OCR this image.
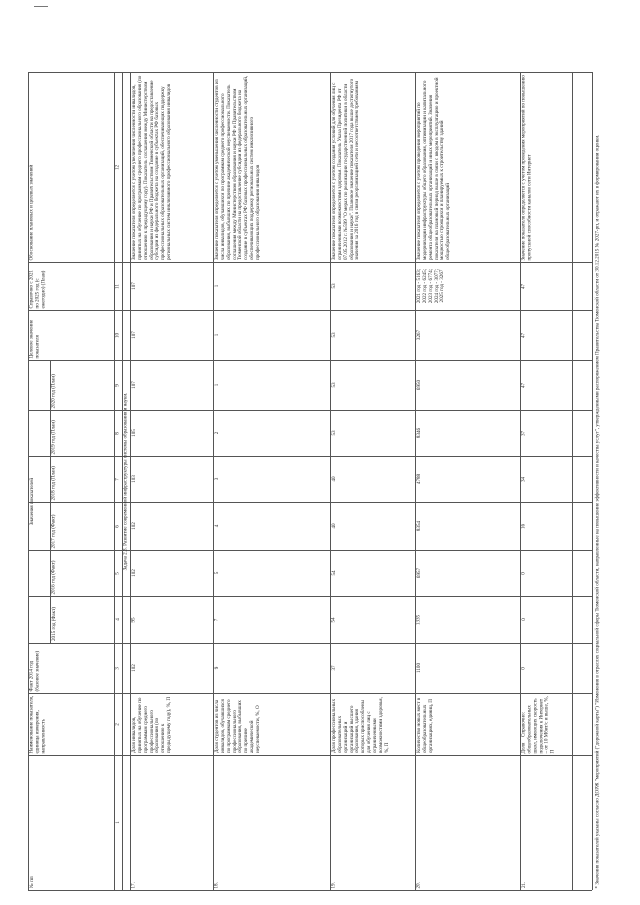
№ пп
Наименование показателя, единица измерения, направленность
Факт 2014 год (базовое значение)
2015 год (Факт)
2016 год (Факт)
2017 год (Факт)
2018 год (План)
2019 год (План)
2020 год (План)
Целевое значение показателя
Справочно с 2021 по 2025 год (с ежегодно) (План)
Обоснование плановых и целевых значений
Значения показателей
1
2
3
4
5
6
7
8
9
10
11
12
Задача 2.3. Развитие современной инфраструктуры системы образования и науки.
17.
Доля инвалидов, принятых на обучение по программам среднего профессионального образования (по отношению к предыдущему году), %, П
102
95
102
102
103
105
107
107
107
Значение показателя определяется с учетом увеличения численности инвалидов, принятых на обучение по программам среднего профессионального образования (по отношению к предыдущему году). Показатель соглашения между Министерством образования и науки РФ и Правительством Тюменской области на предоставление субсидии из федерального бюджета на создание в субъектах РФ базовых профессиональных образовательных организаций, обеспечивающих поддержку региональных систем инклюзивного профессионального образования инвалидов
18.
Доля студентов из числа инвалидов, обучавшихся по программам среднего профессионального образования, выбывших по причине академической неуспеваемости, %, О
9
7
5
4
3
2
1
1
1
Значение показателя определяется с учетом уменьшения численности студентов из числа инвалидов, обучавшихся по программам среднего профессионального образования, выбывших по причине академической неуспеваемости. Показатель соглашения между Министерством образования и науки РФ и Правительством Тюменской области на предоставление субсидии из федерального бюджета на создание в субъектах РФ базовых профессиональных образовательных организаций, обеспечивающих поддержку региональных систем инклюзивного профессионального образования инвалидов
19.
Доля профессиональных образовательных организаций и организаций высшего образования, здания которых приспособлены для обучения лиц с ограниченными возможностями здоровья, %, П
37
54
54
40
40
53
53
53
53
Значение показателя определяется с учетом создания условий для обучения лиц с ограниченными возможностями здоровья. Показатель Указа Президента РФ от 07.05.2012 г. №599 "О мерах по реализации государственной политики в области образования и науки". Плановое значение показателя 2017 года выше достигнутого значения за 2016 год в связи реорганизацией сети и несоответствием требованиям
20.
Количество новых мест в общеобразовательных организациях, единиц, П
1100
1335
6957
8354
4788
8346
6950
3267
2021 год - 5163; 2022 год - 6245; 2023 год - 6774; 2024 год - 3077; 2025 год - 3267
Значение показателя определяется с учетом проведения мероприятий по модернизации инфраструктуры общего образования, оптимизации и капитального ремонта общеобразовательных организаций и иных мероприятий. Значения показателя на плановый период выше в связи с вводом в эксплуатацию и проектной мощностью строящихся и планируемых к строительству зданий общеобразовательных организаций
21.
Доля общеобразовательных школ, имеющих скорость подключения к Интернет – от 10 Мбит/с и выше, %, П
0
0
0
16
34
37
47
47
47
Значение показателя определяется с учетом проведения мероприятий по повышению пропускной способности каналов сети Интернет
Справочно:	* Значения показателей указаны согласно ДОРЖ "мероприятий ("дорожной карты") "Изменения в отраслях социальной сферы Тюменской области, направленные на повышение эффективности и качества услуг", утвержденными распоряжением Правительства Тюменской области от 30.12.2015 № 2027-рп, и отражают их в формировании оценки.
